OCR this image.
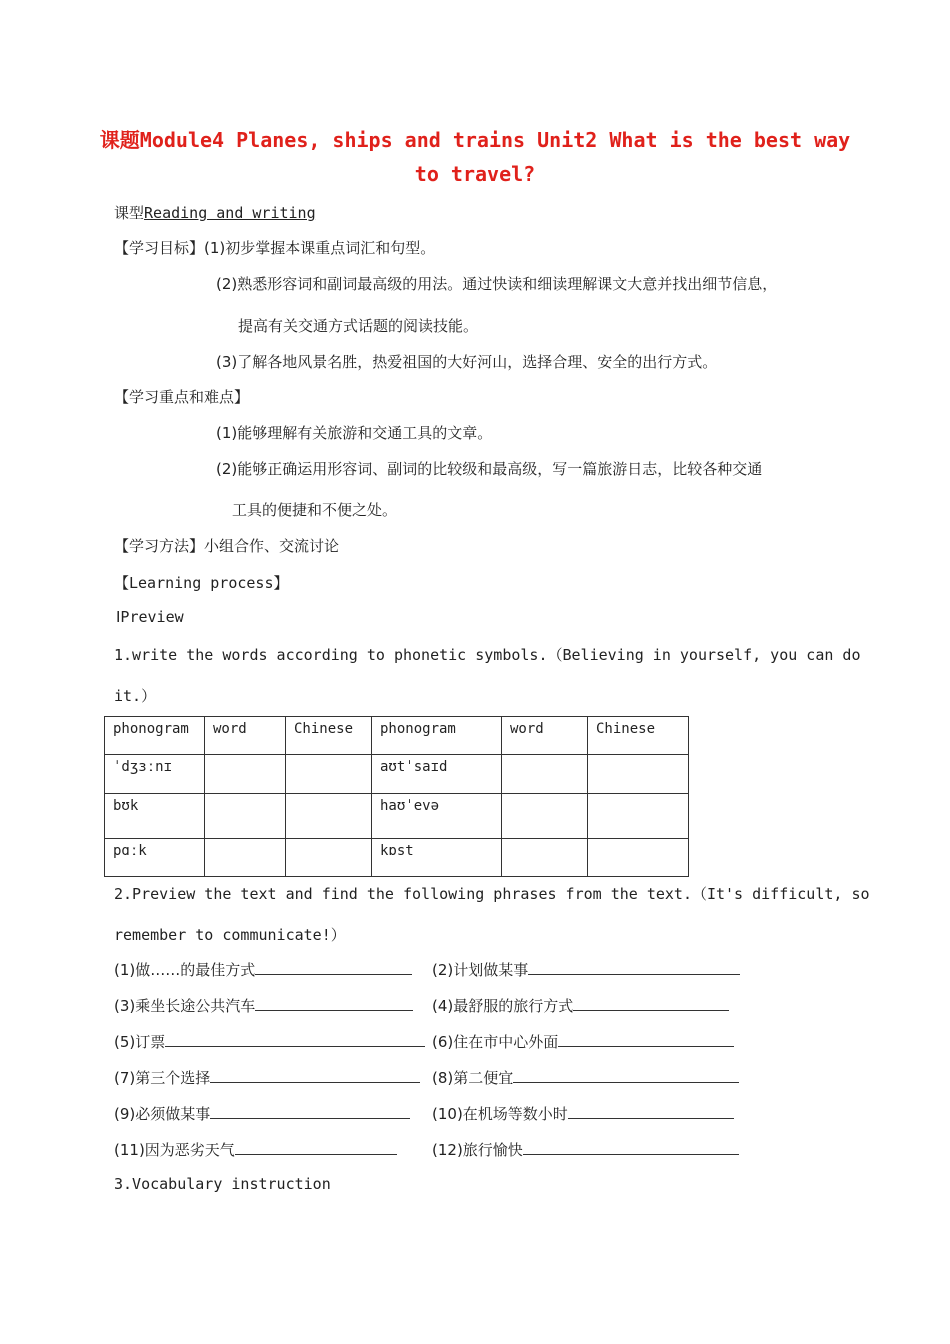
课题Module4 Planes, ships and trains Unit2 What is the best way
to travel?
课型Reading and writing
【学习目标】(1)初步掌握本课重点词汇和句型。
(2)熟悉形容词和副词最高级的用法。通过快读和细读理解课文大意并找出细节信息，
提高有关交通方式话题的阅读技能。
(3)了解各地风景名胜，热爱祖国的大好河山，选择合理、安全的出行方式。
【学习重点和难点】
(1)能够理解有关旅游和交通工具的文章。
(2)能够正确运用形容词、副词的比较级和最高级，写一篇旅游日志，比较各种交通
工具的便捷和不便之处。
【学习方法】小组合作、交流讨论
【Learning process】
ⅠPreview
1.write the words according to phonetic symbols.（Believing in yourself, you can do
it.）
phonogram	word	Chinese	phonogram	word	Chinese
ˈdʒɜːnɪ			aʊtˈsaɪd		
bʊk			haʊˈevə		
pɑːk			kɒst		
2.Preview the text and find the following phrases from the text.（It's difficult, so
remember to communicate!）
(1)做……的最佳方式	(2)计划做某事
(3)乘坐长途公共汽车	(4)最舒服的旅行方式
(5)订票	(6)住在市中心外面
(7)第三个选择	(8)第二便宜
(9)必须做某事	(10)在机场等数小时
(11)因为恶劣天气	(12)旅行愉快
3.Vocabulary instruction
